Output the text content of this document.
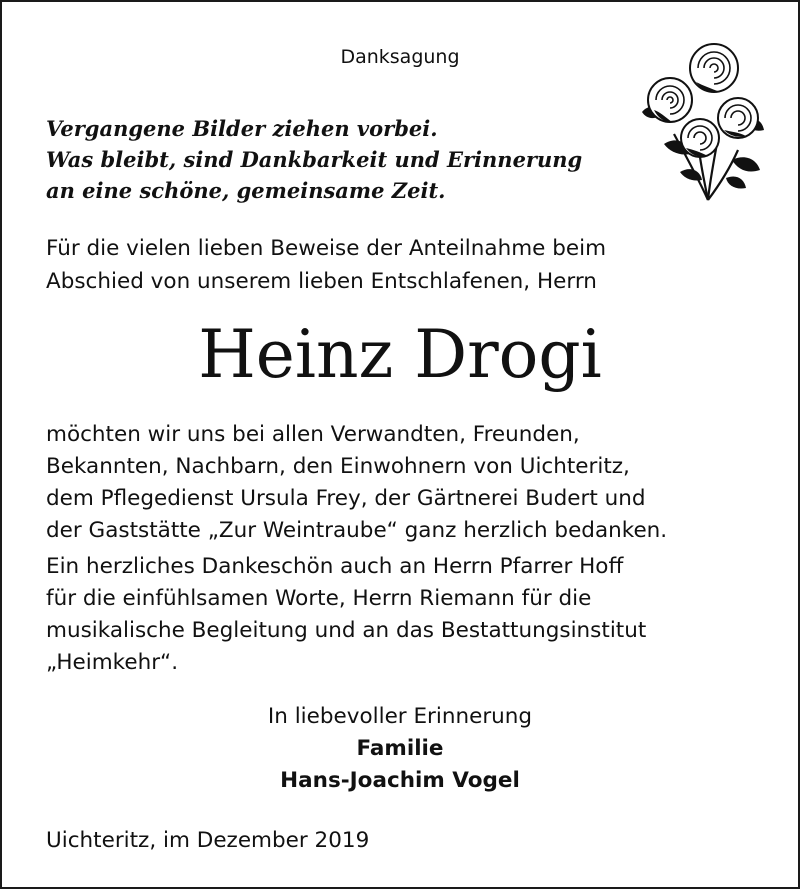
Danksagung
Vergangene Bilder ziehen vorbei.
Was bleibt, sind Dankbarkeit und Erinnerung
an eine schöne, gemeinsame Zeit.
Für die vielen lieben Beweise der Anteilnahme beim
Abschied von unserem lieben Entschlafenen, Herrn
Heinz Drogi
möchten wir uns bei allen Verwandten, Freunden,
Bekannten, Nachbarn, den Einwohnern von Uichteritz,
dem Pflegedienst Ursula Frey, der Gärtnerei Budert und
der Gaststätte „Zur Weintraube“ ganz herzlich bedanken.
Ein herzliches Dankeschön auch an Herrn Pfarrer Hoff
für die einfühlsamen Worte, Herrn Riemann für die
musikalische Begleitung und an das Bestattungsinstitut
„Heimkehr“.
In liebevoller Erinnerung
Familie
Hans-Joachim Vogel
Uichteritz, im Dezember 2019
